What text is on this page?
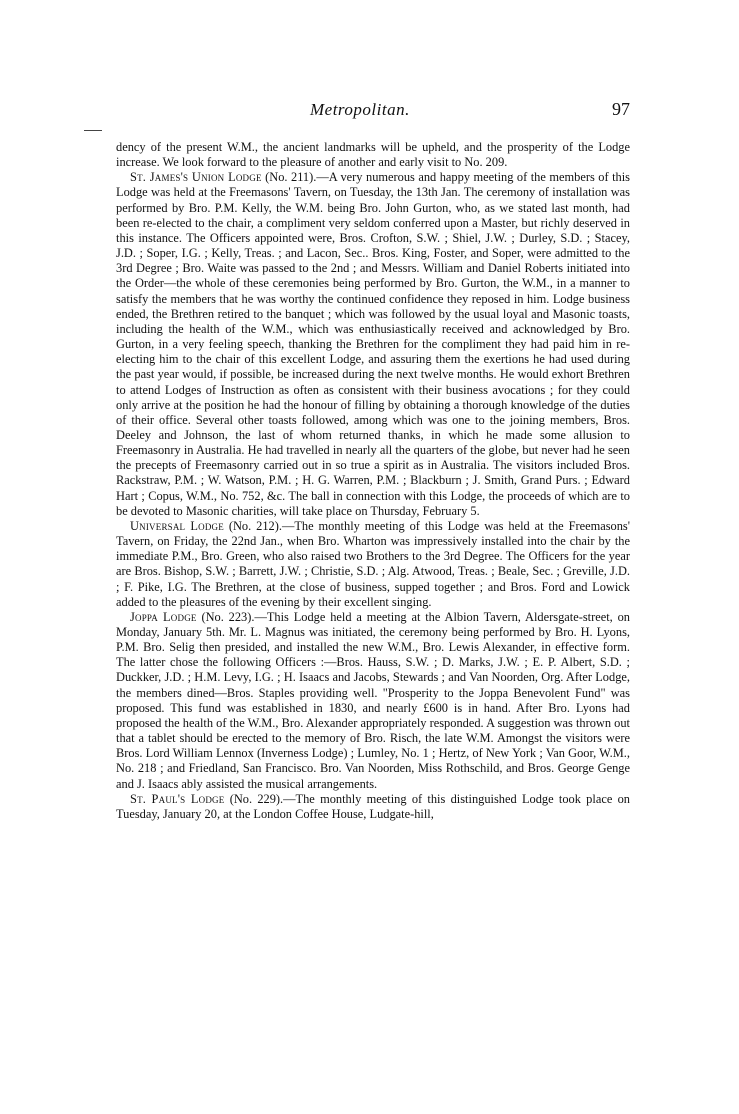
Metropolitan.	97

dency of the present W.M., the ancient landmarks will be upheld, and the prosperity of the Lodge increase. We look forward to the pleasure of another and early visit to No. 209.

St. James's Union Lodge (No. 211).—A very numerous and happy meeting of the members of this Lodge was held at the Freemasons' Tavern, on Tuesday, the 13th Jan. The ceremony of installation was performed by Bro. P.M. Kelly, the W.M. being Bro. John Gurton, who, as we stated last month, had been re-elected to the chair, a compliment very seldom conferred upon a Master, but richly deserved in this instance. The Officers appointed were, Bros. Crofton, S.W. ; Shiel, J.W. ; Durley, S.D. ; Stacey, J.D. ; Soper, I.G. ; Kelly, Treas. ; and Lacon, Sec.. Bros. King, Foster, and Soper, were admitted to the 3rd Degree ; Bro. Waite was passed to the 2nd ; and Messrs. William and Daniel Roberts initiated into the Order—the whole of these ceremonies being performed by Bro. Gurton, the W.M., in a manner to satisfy the members that he was worthy the continued confidence they reposed in him. Lodge business ended, the Brethren retired to the banquet ; which was followed by the usual loyal and Masonic toasts, including the health of the W.M., which was enthusiastically received and acknowledged by Bro. Gurton, in a very feeling speech, thanking the Brethren for the compliment they had paid him in re-electing him to the chair of this excellent Lodge, and assuring them the exertions he had used during the past year would, if possible, be increased during the next twelve months. He would exhort Brethren to attend Lodges of Instruction as often as consistent with their business avocations ; for they could only arrive at the position he had the honour of filling by obtaining a thorough knowledge of the duties of their office. Several other toasts followed, among which was one to the joining members, Bros. Deeley and Johnson, the last of whom returned thanks, in which he made some allusion to Freemasonry in Australia. He had travelled in nearly all the quarters of the globe, but never had he seen the precepts of Freemasonry carried out in so true a spirit as in Australia. The visitors included Bros. Rackstraw, P.M. ; W. Watson, P.M. ; H. G. Warren, P.M. ; Blackburn ; J. Smith, Grand Purs. ; Edward Hart ; Copus, W.M., No. 752, &c. The ball in connection with this Lodge, the proceeds of which are to be devoted to Masonic charities, will take place on Thursday, February 5.

Universal Lodge (No. 212).—The monthly meeting of this Lodge was held at the Freemasons' Tavern, on Friday, the 22nd Jan., when Bro. Wharton was impressively installed into the chair by the immediate P.M., Bro. Green, who also raised two Brothers to the 3rd Degree. The Officers for the year are Bros. Bishop, S.W. ; Barrett, J.W. ; Christie, S.D. ; Alg. Atwood, Treas. ; Beale, Sec. ; Greville, J.D. ; F. Pike, I.G. The Brethren, at the close of business, supped together ; and Bros. Ford and Lowick added to the pleasures of the evening by their excellent singing.

Joppa Lodge (No. 223).—This Lodge held a meeting at the Albion Tavern, Aldersgate-street, on Monday, January 5th. Mr. L. Magnus was initiated, the ceremony being performed by Bro. H. Lyons, P.M. Bro. Selig then presided, and installed the new W.M., Bro. Lewis Alexander, in effective form. The latter chose the following Officers :—Bros. Hauss, S.W. ; D. Marks, J.W. ; E. P. Albert, S.D. ; Duckker, J.D. ; H.M. Levy, I.G. ; H. Isaacs and Jacobs, Stewards ; and Van Noorden, Org. After Lodge, the members dined—Bros. Staples providing well. "Prosperity to the Joppa Benevolent Fund" was proposed. This fund was established in 1830, and nearly £600 is in hand. After Bro. Lyons had proposed the health of the W.M., Bro. Alexander appropriately responded. A suggestion was thrown out that a tablet should be erected to the memory of Bro. Risch, the late W.M. Amongst the visitors were Bros. Lord William Lennox (Inverness Lodge) ; Lumley, No. 1 ; Hertz, of New York ; Van Goor, W.M., No. 218 ; and Friedland, San Francisco. Bro. Van Noorden, Miss Rothschild, and Bros. George Genge and J. Isaacs ably assisted the musical arrangements.

St. Paul's Lodge (No. 229).—The monthly meeting of this distinguished Lodge took place on Tuesday, January 20, at the London Coffee House, Ludgate-hill,
